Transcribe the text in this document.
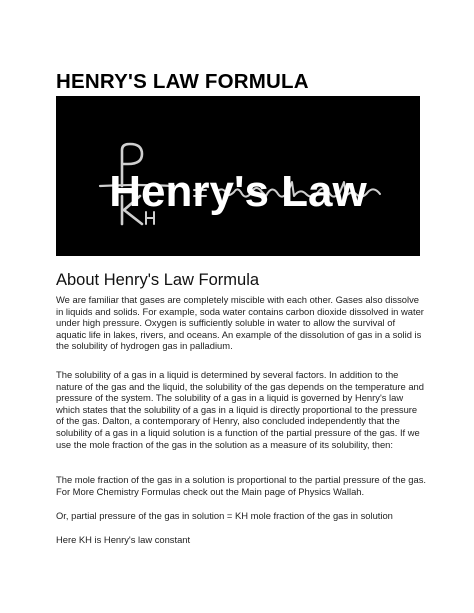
HENRY'S LAW FORMULA
Henry's Law
About Henry's Law Formula

We are familiar that gases are completely miscible with each other. Gases also dissolve in liquids and solids. For example, soda water contains carbon dioxide dissolved in water under high pressure. Oxygen is sufficiently soluble in water to allow the survival of aquatic life in lakes, rivers, and oceans. An example of the dissolution of gas in a solid is the solubility of hydrogen gas in palladium.

The solubility of a gas in a liquid is determined by several factors. In addition to the nature of the gas and the liquid, the solubility of the gas depends on the temperature and pressure of the system. The solubility of a gas in a liquid is governed by Henry's law which states that the solubility of a gas in a liquid is directly proportional to the pressure of the gas. Dalton, a contemporary of Henry, also concluded independently that the solubility of a gas in a liquid solution is a function of the partial pressure of the gas. If we use the mole fraction of the gas in the solution as a measure of its solubility, then:

The mole fraction of the gas in a solution is proportional to the partial pressure of the gas. For More Chemistry Formulas check out the Main page of Physics Wallah.

Or, partial pressure of the gas in solution = KH mole fraction of the gas in solution

Here KH is Henry's law constant
